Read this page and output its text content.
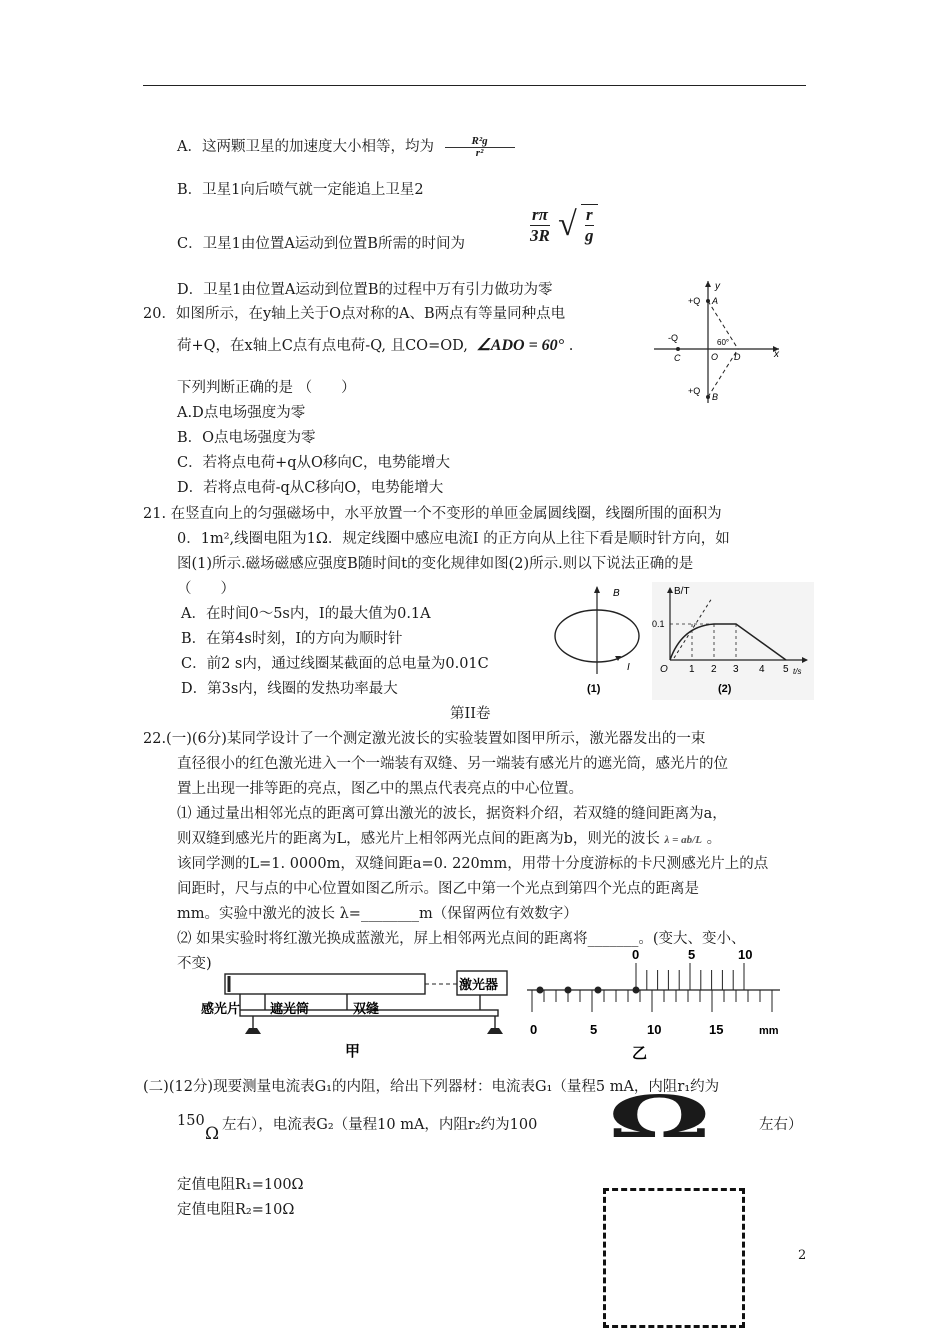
A．这两颗卫星的加速度大小相等，均为 $\frac{\text{R²g}}{\text{r²}}$
B．卫星1向后喷气就一定能追上卫星2
C．卫星1由位置A运动到位置B所需的时间为	$\frac{r\pi}{3R}$ √ $\frac{r}{g}$
D．卫星1由位置A运动到位置B的过程中万有引力做功为零
20．如图所示，在y轴上关于O点对称的A、B两点有等量同种点电
荷+Q，在x轴上C点有点电荷-Q, 且CO=OD, ∠ADO = 60° .
下列判断正确的是 （　　）
A.D点电场强度为零
B．O点电场强度为零
C．若将点电荷+q从O移向C，电势能增大
D．若将点电荷-q从C移向O，电势能增大
y
x
+Q A
-Q
C	O D
60°
+Q
B
21. 在竖直向上的匀强磁场中，水平放置一个不变形的单匝金属圆线圈，线圈所围的面积为
0．1m²,线圈电阻为1Ω．规定线圈中感应电流I 的正方向从上往下看是顺时针方向，如
图(1)所示.磁场磁感应强度B随时间t的变化规律如图(2)所示.则以下说法正确的是
（　　）
A．在时间0～5s内，I的最大值为0.1A
B．在第4s时刻，I的方向为顺时针
C．前2 s内，通过线圈某截面的总电量为0.01C
D．第3s内，线圈的发热功率最大
B
I
(1)
B/T
0.1
O 1 2 3 4 5 t/s
(2)
第II卷
22.(一)(6分)某同学设计了一个测定激光波长的实验装置如图甲所示，激光器发出的一束
直径很小的红色激光进入一个一端装有双缝、另一端装有感光片的遮光筒，感光片的位
置上出现一排等距的亮点，图乙中的黑点代表亮点的中心位置。
⑴ 通过量出相邻光点的距离可算出激光的波长，据资料介绍，若双缝的缝间距离为a，
则双缝到感光片的距离为L，感光片上相邻两光点间的距离为b，则光的波长 λ = ab/L 。
该同学测的L=1. 0000m，双缝间距a=0. 220mm，用带十分度游标的卡尺测感光片上的点
间距时，尺与点的中心位置如图乙所示。图乙中第一个光点到第四个光点的距离是
mm。实验中激光的波长 λ=________m（保留两位有效数字）
⑵ 如果实验时将红激光换成蓝激光，屏上相邻两光点间的距离将_______。(变大、变小、
不变)
感光片 遮光筒	双缝
激光器
甲
0	5	10
0	5	10	15	mm
乙
(二)(12分)现要测量电流表G₁的内阻，给出下列器材：电流表G₁（量程5 mA，内阻r₁约为
150
Ω 左右），电流表G₂（量程10 mA，内阻r₂约为100 Ω	左右）
定值电阻R₁=100Ω
定值电阻R₂=10Ω
2
